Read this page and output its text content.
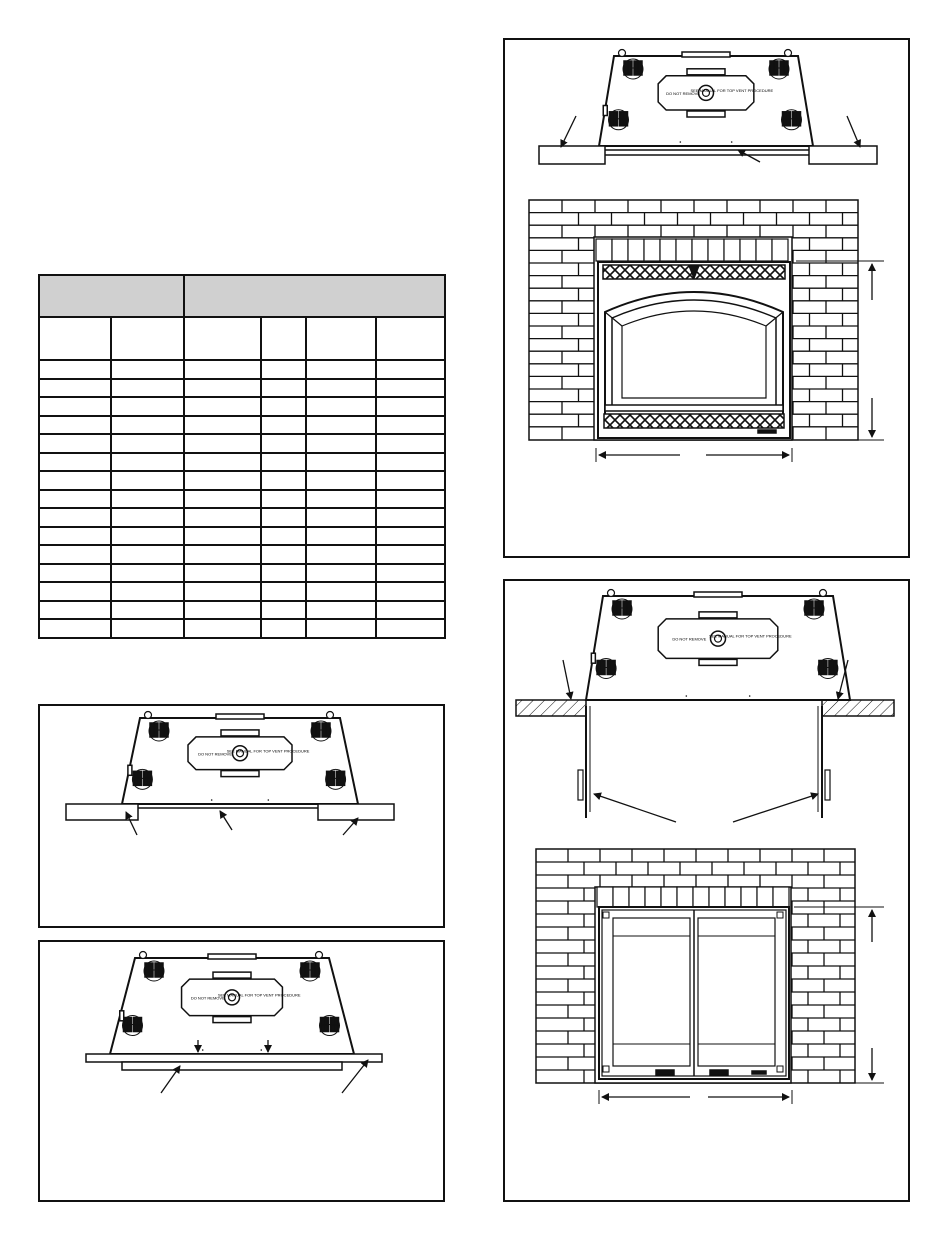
DO NOT REMOVE
SEE MANUAL FOR TOP VENT PROCEDURE
DO NOT REMOVE
SEE MANUAL FOR TOP VENT PROCEDURE
DO NOT REMOVE
SEE MANUAL FOR TOP VENT PROCEDURE
DO NOT REMOVE
SEE MANUAL FOR TOP VENT PROCEDURE
